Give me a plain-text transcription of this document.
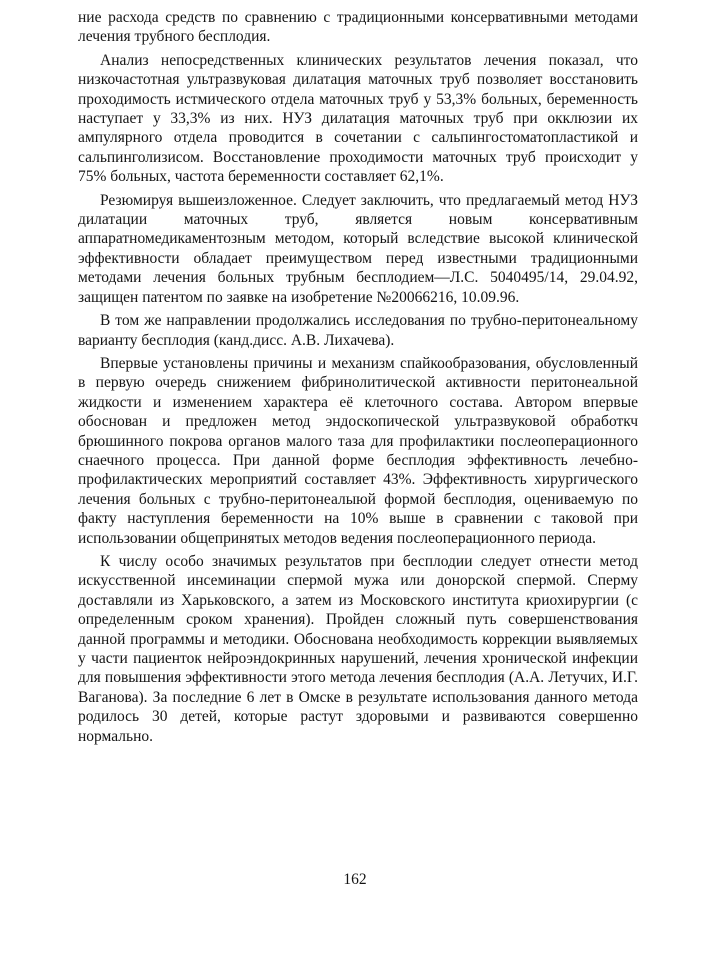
ние расхода средств по сравнению с традиционными консервативными методами лечения трубного бесплодия.

Анализ непосредственных клинических результатов лечения показал, что низкочастотная ультразвуковая дилатация маточных труб позволяет восстановить проходимость истмического отдела маточных труб у 53,3% больных, беременность наступает у 33,3% из них. НУЗ дилатация маточных труб при окклюзии их ампулярного отдела проводится в сочетании с сальпингостоматопластикой и сальпинголизисом. Восстановление проходимости маточных труб происходит у 75% больных, частота беременности составляет 62,1%.

Резюмируя вышеизложенное. Следует заключить, что предлагаемый метод НУЗ дилатации маточных труб, является новым консервативным аппаратномедикаментозным методом, который вследствие высокой клинической эффективности обладает преимуществом перед известными традиционными методами лечения больных трубным бесплодием—Л.С. 5040495/14, 29.04.92, защищен патентом по заявке на изобретение №20066216, 10.09.96.

В том же направлении продолжались исследования по трубно-перитонеальному варианту бесплодия (канд.дисс. А.В. Лихачева).

Впервые установлены причины и механизм спайкообразования, обусловленный в первую очередь снижением фибринолитической активности перитонеальной жидкости и изменением характера её клеточного состава. Автором впервые обоснован и предложен метод эндоскопической ультразвуковой обработкч брюшинного покрова органов малого таза для профилактики послеоперационного снаечного процесса. При данной форме бесплодия эффективность лечебно-профилактических мероприятий составляет 43%. Эффективность хирургического лечения больных с трубно-перитонеалыюй формой бесплодия, оцениваемую по факту наступления беременности на 10% выше в сравнении с таковой при использовании общепринятых методов ведения послеоперационного периода.

К числу особо значимых результатов при бесплодии следует отнести метод искусственной инсеминации спермой мужа или донорской спермой. Сперму доставляли из Харьковского, а затем из Московского института криохирургии (с определенным сроком хранения). Пройден сложный путь совершенствования данной программы и методики. Обоснована необходимость коррекции выявляемых у части пациенток нейроэндокринных нарушений, лечения хронической инфекции для повышения эффективности этого метода лечения бесплодия (А.А. Летучих, И.Г. Ваганова). За последние 6 лет в Омске в результате использования данного метода родилось 30 детей, которые растут здоровыми и развиваются совершенно нормально.

162
